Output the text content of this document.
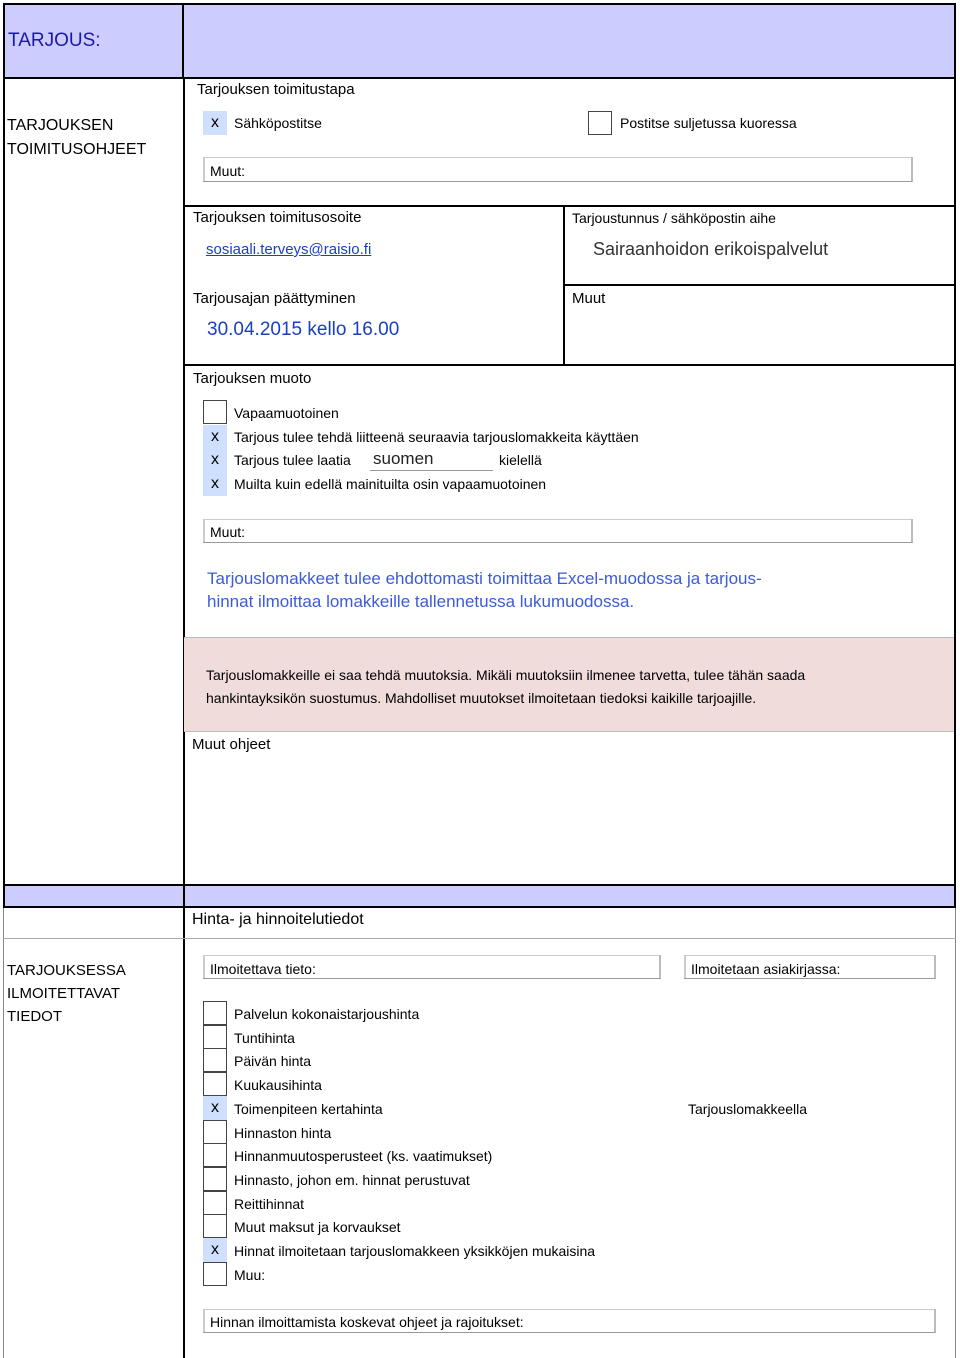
TARJOUS:
TARJOUKSEN
TOIMITUSOHJEET
Tarjouksen toimitustapa
x	Sähköpostitse	Postitse suljetussa kuoressa
Muut:
Tarjouksen toimitusosoite
sosiaali.terveys@raisio.fi
Tarjoustunnus / sähköpostin aihe
Sairaanhoidon erikoispalvelut
Tarjousajan päättyminen
30.04.2015 kello 16.00
Muut
Tarjouksen muoto
Vapaamuotoinen
x	Tarjous tulee tehdä liitteenä seuraavia tarjouslomakkeita käyttäen
x	Tarjous tulee laatia suomen	kielellä
x	Muilta kuin edellä mainituilta osin vapaamuotoinen
Muut:
Tarjouslomakkeet tulee ehdottomasti toimittaa Excel-muodossa ja tarjous-
hinnat ilmoittaa lomakkeille tallennetussa lukumuodossa.
Tarjouslomakkeille ei saa tehdä muutoksia. Mikäli muutoksiin ilmenee tarvetta, tulee tähän saada
hankintayksikön suostumus. Mahdolliset muutokset ilmoitetaan tiedoksi kaikille tarjoajille.
Muut ohjeet
Hinta- ja hinnoitelutiedot
TARJOUKSESSA
ILMOITETTAVAT
TIEDOT
Ilmoitettava tieto:	Ilmoitetaan asiakirjassa:
Palvelun kokonaistarjoushinta
Tuntihinta
Päivän hinta
Kuukausihinta
x	Toimenpiteen kertahinta	Tarjouslomakkeella
Hinnaston hinta
Hinnanmuutosperusteet (ks. vaatimukset)
Hinnasto, johon em. hinnat perustuvat
Reittihinnat
Muut maksut ja korvaukset
x	Hinnat ilmoitetaan tarjouslomakkeen yksikköjen mukaisina
Muu:
Hinnan ilmoittamista koskevat ohjeet ja rajoitukset:
